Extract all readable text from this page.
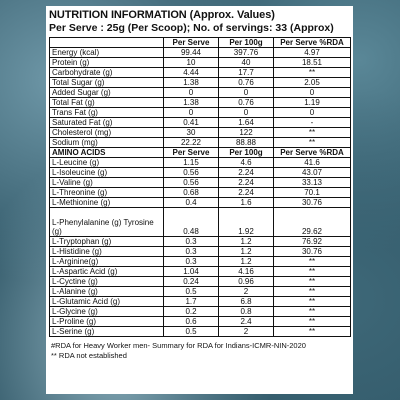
NUTRITION INFORMATION (Approx. Values)
Per Serve : 25g (Per Scoop); No. of servings: 33 (Approx)
	Per Serve	Per 100g	Per Serve %RDA
Energy (kcal)	99.44	397.76	4.97
Protein (g)	10	40	18.51
Carbohydrate (g)	4.44	17.7	**
Total Sugar (g)	1.38	0.76	2.05
Added Sugar (g)	0	0	0
Total Fat (g)	1.38	0.76	1.19
Trans Fat (g)	0	0	0
Saturated Fat (g)	0.41	1.64	-
Cholesterol (mg)	30	122	**
Sodium (mg)	22.22	88.88	**
AMINO ACIDS	Per Serve	Per 100g	Per Serve %RDA
L-Leucine (g)	1.15	4.6	41.6
L-Isoleucine (g)	0.56	2.24	43.07
L-Valine (g)	0.56	2.24	33.13
L-Threonine (g)	0.68	2.24	70.1
L-Methionine (g)	0.4	1.6	30.76
L-Phenylalanine (g) Tyrosine (g)	0.48	1.92	29.62
L-Tryptophan (g)	0.3	1.2	76.92
L-Histidine (g)	0.3	1.2	30.76
L-Arginine(g)	0.3	1.2	**
L-Aspartic Acid (g)	1.04	4.16	**
L-Cyctine (g)	0.24	0.96	**
L-Alanine (g)	0.5	2	**
L-Glutamic Acid (g)	1.7	6.8	**
L-Glycine (g)	0.2	0.8	**
L-Proline (g)	0.6	2.4	**
L-Serine (g)	0.5	2	**
#RDA for Heavy Worker men- Summary for RDA for Indians-ICMR-NIN-2020
** RDA not established
